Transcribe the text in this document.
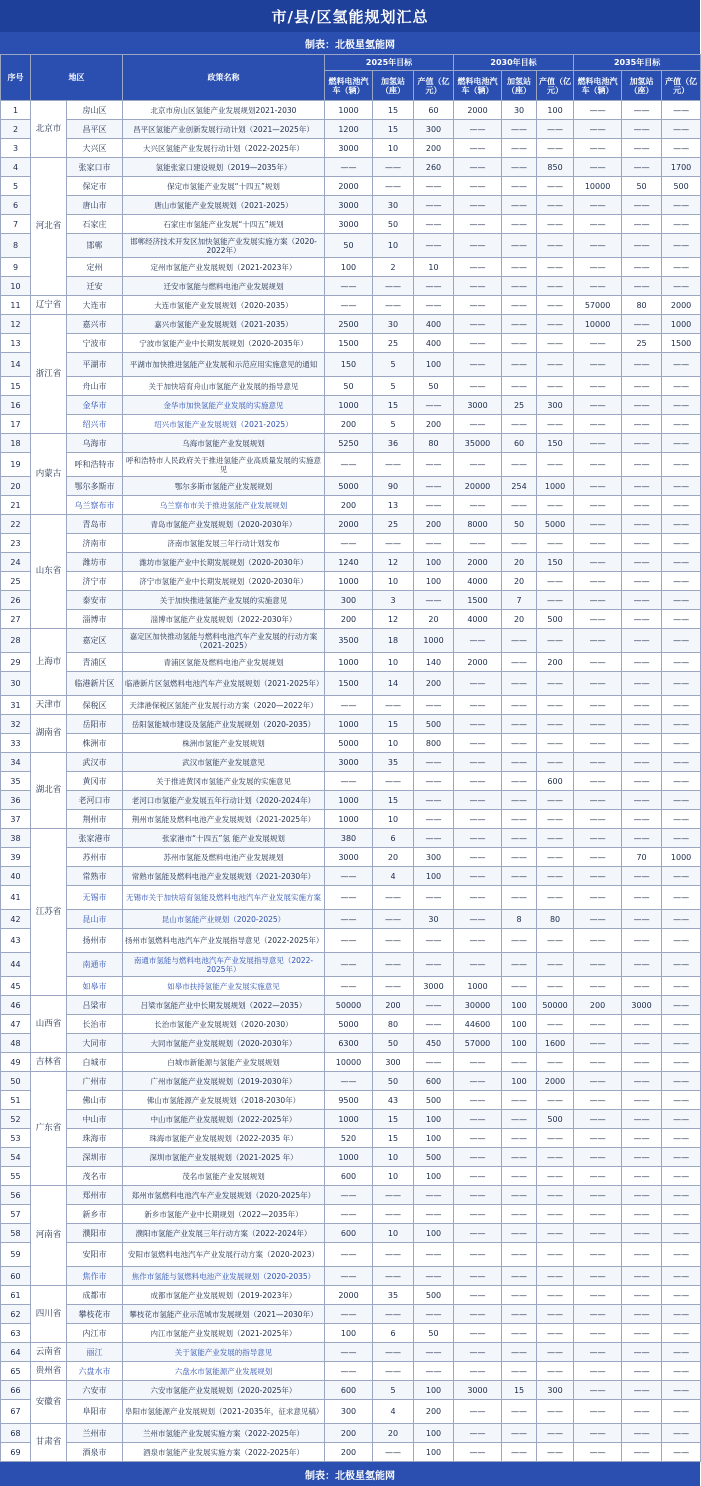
市/县/区氢能规划汇总
制表：北极星氢能网
序号	地区		政策名称	2025年目标			2030年目标			2035年目标		
				燃料电池汽车（辆）	加氢站（座）	产值（亿元）	燃料电池汽车（辆）	加氢站（座）	产值（亿元）	燃料电池汽车（辆）	加氢站（座）	产值（亿元）
1	北京市	房山区	北京市房山区氢能产业发展规划2021-2030	1000	15	60	2000	30	100	——	——	——
2		昌平区	昌平区氢能产业创新发展行动计划（2021—2025年）	1200	15	300	——	——	——	——	——	——
3		大兴区	大兴区氢能产业发展行动计划（2022-2025年）	3000	10	200	——	——	——	——	——	——
4	河北省	张家口市	氢能张家口建设规划（2019—2035年）	——	——	260	——	——	850	——	——	1700
5		保定市	保定市氢能产业发展“十四五”规划	2000	——	——	——	——	——	10000	50	500
6		唐山市	唐山市氢能产业发展规划（2021-2025）	3000	30	——	——	——	——	——	——	——
7		石家庄	石家庄市氢能产业发展“十四五”规划	3000	50	——	——	——	——	——	——	——
8		邯郸	邯郸经济技术开发区加快氢能产业发展实施方案（2020-2022年）	50	10	——	——	——	——	——	——	——
9		定州	定州市氢能产业发展规划（2021-2023年）	100	2	10	——	——	——	——	——	——
10		迁安	迁安市氢能与燃料电池产业发展规划	——	——	——	——	——	——	——	——	——
11	辽宁省	大连市	大连市氢能产业发展规划（2020-2035）	——	——	——	——	——	——	57000	80	2000
12	浙江省	嘉兴市	嘉兴市氢能产业发展规划（2021-2035）	2500	30	400	——	——	——	10000	——	1000
13		宁波市	宁波市氢能产业中长期发展规划（2020-2035年）	1500	25	400	——	——	——	——	25	1500
14		平湖市	平湖市加快推进氢能产业发展和示范应用实施意见的通知	150	5	100	——	——	——	——	——	——
15		舟山市	关于加快培育舟山市氢能产业发展的指导意见	50	5	50	——	——	——	——	——	——
16		金华市	金华市加快氢能产业发展的实施意见	1000	15	——	3000	25	300	——	——	——
17		绍兴市	绍兴市氢能产业发展规划（2021-2025）	200	5	200	——	——	——	——	——	——
18	内蒙古	乌海市	乌海市氢能产业发展规划	5250	36	80	35000	60	150	——	——	——
19		呼和浩特市	呼和浩特市人民政府关于推进氢能产业高质量发展的实施意见	——	——	——	——	——	——	——	——	——
20		鄂尔多斯市	鄂尔多斯市氢能产业发展规划	5000	90	——	20000	254	1000	——	——	——
21		乌兰察布市	乌兰察布市关于推进氢能产业发展规划	200	13	——	——	——	——	——	——	——
22	山东省	青岛市	青岛市氢能产业发展规划（2020-2030年）	2000	25	200	8000	50	5000	——	——	——
23		济南市	济南市氢能发展三年行动计划发布	——	——	——	——	——	——	——	——	——
24		潍坊市	潍坊市氢能产业中长期发展规划（2020-2030年）	1240	12	100	2000	20	150	——	——	——
25		济宁市	济宁市氢能产业中长期发展规划（2020-2030年）	1000	10	100	4000	20	——	——	——	——
26		泰安市	关于加快推进氢能产业发展的实施意见	300	3	——	1500	7	——	——	——	——
27		淄博市	淄博市氢能产业发展规划（2022-2030年）	200	12	20	4000	20	500	——	——	——
28	上海市	嘉定区	嘉定区加快推动氢能与燃料电池汽车产业发展的行动方案（2021-2025）	3500	18	1000	——	——	——	——	——	——
29		青浦区	青浦区氢能及燃料电池产业发展规划	1000	10	140	2000	——	200	——	——	——
30		临港新片区	临港新片区氢燃料电池汽车产业发展规划（2021-2025年）	1500	14	200	——	——	——	——	——	——
31	天津市	保税区	天津港保税区氢能产业发展行动方案（2020—2022年）	——	——	——	——	——	——	——	——	——
32	湖南省	岳阳市	岳阳氢能城市建设及氢能产业发展规划（2020-2035）	1000	15	500	——	——	——	——	——	——
33		株洲市	株洲市氢能产业发展规划	5000	10	800	——	——	——	——	——	——
34	湖北省	武汉市	武汉市氢能产业发展意见	3000	35	——	——	——	——	——	——	——
35		黄冈市	关于推进黄冈市氢能产业发展的实施意见	——	——	——	——	——	600	——	——	——
36		老河口市	老河口市氢能产业发展五年行动计划（2020-2024年）	1000	15	——	——	——	——	——	——	——
37		荆州市	荆州市氢能及燃料电池产业发展规划（2021-2025年）	1000	10	——	——	——	——	——	——	——
38	江苏省	张家港市	张家港市“十四五”氢 能产业发展规划	380	6	——	——	——	——	——	——	——
39		苏州市	苏州市氢能及燃料电池产业发展规划	3000	20	300	——	——	——	——	70	1000
40		常熟市	常熟市氢能及燃料电池产业发展规划（2021-2030年）	——	4	100	——	——	——	——	——	——
41		无锡市	无锡市关于加快培育氢能及燃料电池汽车产业发展实施方案	——	——	——	——	——	——	——	——	——
42		昆山市	昆山市氢能产业规划（2020-2025）	——	——	30	——	8	80	——	——	——
43		扬州市	扬州市氢燃料电池汽车产业发展指导意见（2022-2025年）	——	——	——	——	——	——	——	——	——
44		南通市	南通市氢能与燃料电池汽车产业发展指导意见（2022-2025年）	——	——	——	——	——	——	——	——	——
45		如皋市	如皋市扶持氢能产业发展实施意见	——	——	3000	1000	——	——	——	——	——
46	山西省	吕梁市	吕梁市氢能产业中长期发展规划（2022—2035）	50000	200	——	30000	100	50000	200	3000	——
47		长治市	长治市氢能产业发展规划（2020-2030）	5000	80	——	44600	100	——	——	——	——
48		大同市	大同市氢能产业发展规划（2020-2030年）	6300	50	450	57000	100	1600	——	——	——
49	吉林省	白城市	白城市新能源与氢能产业发展规划	10000	300	——	——	——	——	——	——	——
50	广东省	广州市	广州市氢能产业发展规划（2019-2030年）	——	50	600	——	100	2000	——	——	——
51		佛山市	佛山市氢能源产业发展规划（2018-2030年）	9500	43	500	——	——	——	——	——	——
52		中山市	中山市氢能产业发展规划（2022-2025年）	1000	15	100	——	——	500	——	——	——
53		珠海市	珠海市氢能产业发展规划（2022-2035 年）	520	15	100	——	——	——	——	——	——
54		深圳市	深圳市氢能产业发展规划（2021-2025 年）	1000	10	500	——	——	——	——	——	——
55		茂名市	茂名市氢能产业发展规划	600	10	100	——	——	——	——	——	——
56	河南省	郑州市	郑州市氢燃料电池汽车产业发展规划（2020-2025年）	——	——	——	——	——	——	——	——	——
57		新乡市	新乡市氢能产业中长期规划（2022—2035年）	——	——	——	——	——	——	——	——	——
58		濮阳市	濮阳市氢能产业发展三年行动方案（2022-2024年）	600	10	100	——	——	——	——	——	——
59		安阳市	安阳市氢燃料电池汽车产业发展行动方案（2020-2023）	——	——	——	——	——	——	——	——	——
60		焦作市	焦作市氢能与氢燃料电池产业发展规划（2020-2035）	——	——	——	——	——	——	——	——	——
61	四川省	成都市	成都市氢能产业发展规划（2019-2023年）	2000	35	500	——	——	——	——	——	——
62		攀枝花市	攀枝花市氢能产业示范城市发展规划（2021—2030年）	——	——	——	——	——	——	——	——	——
63		内江市	内江市氢能产业发展规划（2021-2025年）	100	6	50	——	——	——	——	——	——
64	云南省	丽江	关于氢能产业发展的指导意见	——	——	——	——	——	——	——	——	——
65	贵州省	六盘水市	六盘水市氢能源产业发展规划	——	——	——	——	——	——	——	——	——
66	安徽省	六安市	六安市氢能产业发展规划（2020-2025年）	600	5	100	3000	15	300	——	——	——
67		阜阳市	阜阳市氢能源产业发展规划（2021-2035年，征求意见稿）	300	4	200	——	——	——	——	——	——
68	甘肃省	兰州市	兰州市氢能产业发展实施方案（2022-2025年）	200	20	100	——	——	——	——	——	——
69		酒泉市	酒泉市氢能产业发展实施方案（2022-2025年）	200	——	100	——	——	——	——	——	——
制表：北极星氢能网
